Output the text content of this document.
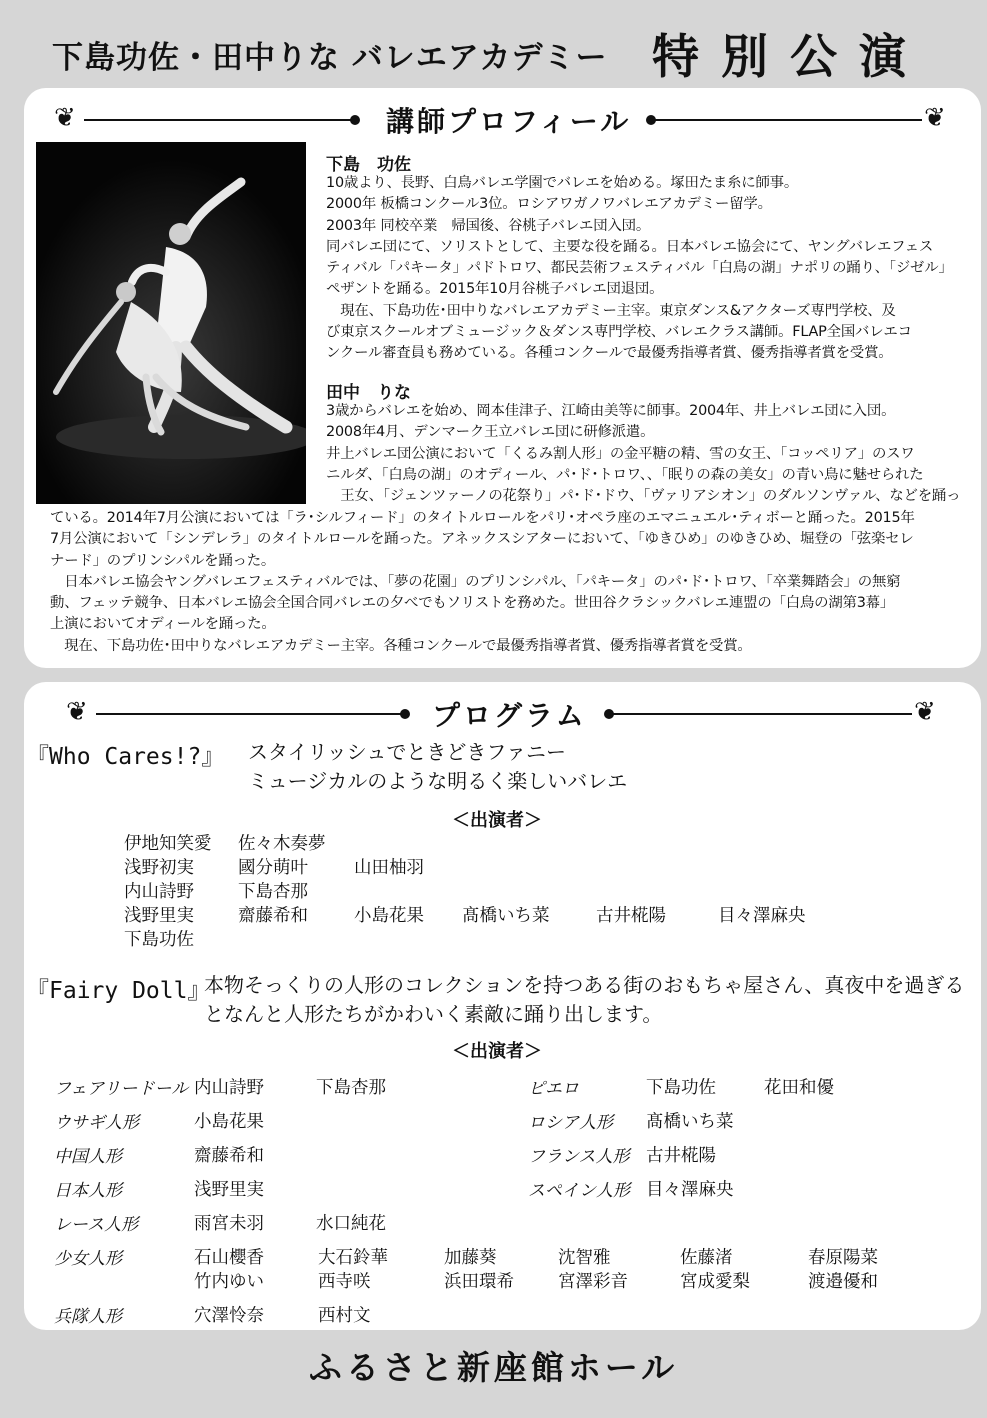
下島功佐・田中りな バレエアカデミー 特別公演
❦	講師プロフィール	❦
下島　功佐
10歳より、長野、白鳥バレエ学園でバレエを始める。塚田たま糸に師事。
2000年 板橋コンクール3位。ロシアワガノワバレエアカデミー留学。
2003年 同校卒業　帰国後、谷桃子バレエ団入団。
同バレエ団にて、ソリストとして、主要な役を踊る。日本バレエ協会にて、ヤングバレエフェス
ティバル「パキータ」パドトロワ、都民芸術フェスティバル「白鳥の湖」ナポリの踊り、「ジゼル」
ペザントを踊る。2015年10月谷桃子バレエ団退団。
　現在、下島功佐･田中りなバレエアカデミー主宰。東京ダンス&アクターズ専門学校、及
び東京スクールオブミュージック＆ダンス専門学校、バレエクラス講師。FLAP全国バレエコ
ンクール審査員も務めている。各種コンクールで最優秀指導者賞、優秀指導者賞を受賞。
田中　りな
3歳からバレエを始め、岡本佳津子、江崎由美等に師事。2004年、井上バレエ団に入団。
2008年4月、デンマーク王立バレエ団に研修派遣。
井上バレエ団公演において「くるみ割人形」の金平糖の精、雪の女王、「コッペリア」のスワ
ニルダ、「白鳥の湖」のオディール、パ･ド･トロワ、、「眠りの森の美女」の青い鳥に魅せられた
　王女、「ジェンツァーノの花祭り」パ･ド･ドウ、「ヴァリアシオン」のダルソンヴァル、などを踊っ
ている。2014年7月公演においては「ラ･シルフィード」のタイトルロールをパリ･オペラ座のエマニュエル･ティボーと踊った。2015年
7月公演において「シンデレラ」のタイトルロールを踊った。アネックスシアターにおいて、「ゆきひめ」のゆきひめ、堀登の「弦楽セレ
ナード」のプリンシパルを踊った。
　日本バレエ協会ヤングバレエフェスティバルでは、「夢の花園」のプリンシパル、「パキータ」のパ･ド･トロワ、「卒業舞踏会」の無窮
動、フェッテ競争、日本バレエ協会全国合同バレエの夕べでもソリストを務めた。世田谷クラシックバレエ連盟の「白鳥の湖第3幕」
上演においてオディールを踊った。
　現在、下島功佐･田中りなバレエアカデミー主宰。各種コンクールで最優秀指導者賞、優秀指導者賞を受賞。
❦	プログラム	❦
『Who Cares!?』 スタイリッシュでときどきファニー
ミュージカルのような明るく楽しいバレエ
＜出演者＞
伊地知笑愛 佐々木奏夢
浅野初実	國分萌叶	山田柚羽
内山詩野	下島杏那
浅野里実	齋藤希和	小島花果 髙橋いち菜	古井椛陽	目々澤麻央
下島功佐
『Fairy Doll』
本物そっくりの人形のコレクションを持つある街のおもちゃ屋さん、真夜中を過ぎる
となんと人形たちがかわいく素敵に踊り出します。
＜出演者＞
フェアリードール 内山詩野	下島杏那
ウサギ人形	小島花果
中国人形	齋藤希和
日本人形	浅野里実
レース人形	雨宮未羽	水口純花
ピエロ	下島功佐	花田和優
ロシア人形 髙橋いち菜
フランス人形 古井椛陽
スペイン人形 目々澤麻央
少女人形	石山櫻香	大石鈴華	加藤葵	沈智雅	佐藤渚	春原陽菜
竹内ゆい	西寺咲	浜田環希	宮澤彩音	宮成愛梨	渡邉優和
兵隊人形	穴澤怜奈	西村文
ふるさと新座館ホール
